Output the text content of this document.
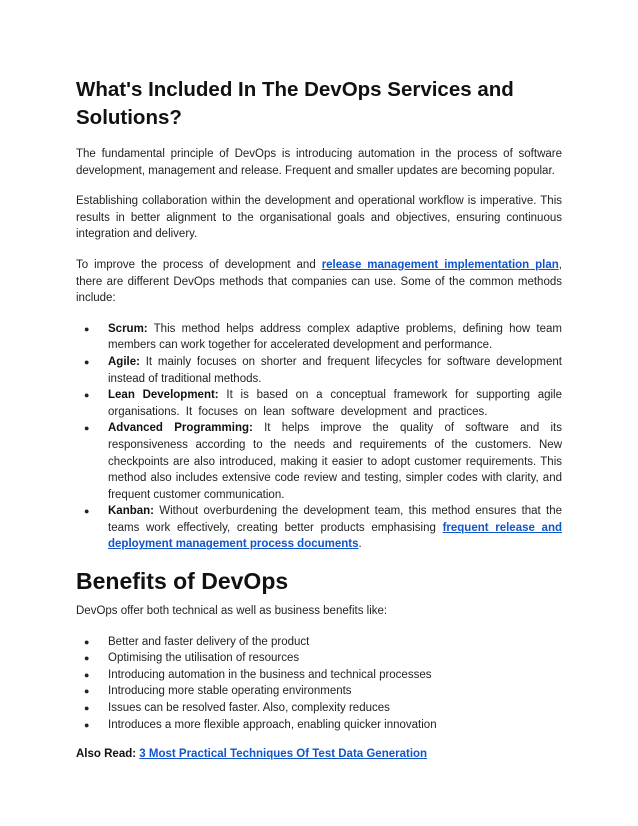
What's Included In The DevOps Services and Solutions?

The fundamental principle of DevOps is introducing automation in the process of software development, management and release. Frequent and smaller updates are becoming popular.

Establishing collaboration within the development and operational workflow is imperative. This results in better alignment to the organisational goals and objectives, ensuring continuous integration and delivery.

To improve the process of development and release management implementation plan, there are different DevOps methods that companies can use. Some of the common methods include:

● Scrum: This method helps address complex adaptive problems, defining how team members can work together for accelerated development and performance.
● Agile: It mainly focuses on shorter and frequent lifecycles for software development instead of traditional methods.
● Lean Development: It is based on a conceptual framework for supporting agile organisations. It focuses on lean software development and practices.
● Advanced Programming: It helps improve the quality of software and its responsiveness according to the needs and requirements of the customers. New checkpoints are also introduced, making it easier to adopt customer requirements. This method also includes extensive code review and testing, simpler codes with clarity, and frequent customer communication.
● Kanban: Without overburdening the development team, this method ensures that the teams work effectively, creating better products emphasising frequent release and deployment management process documents.
Benefits of DevOps

DevOps offer both technical as well as business benefits like:

● Better and faster delivery of the product
● Optimising the utilisation of resources
● Introducing automation in the business and technical processes
● Introducing more stable operating environments
● Issues can be resolved faster. Also, complexity reduces
● Introduces a more flexible approach, enabling quicker innovation
Also Read: 3 Most Practical Techniques Of Test Data Generation
